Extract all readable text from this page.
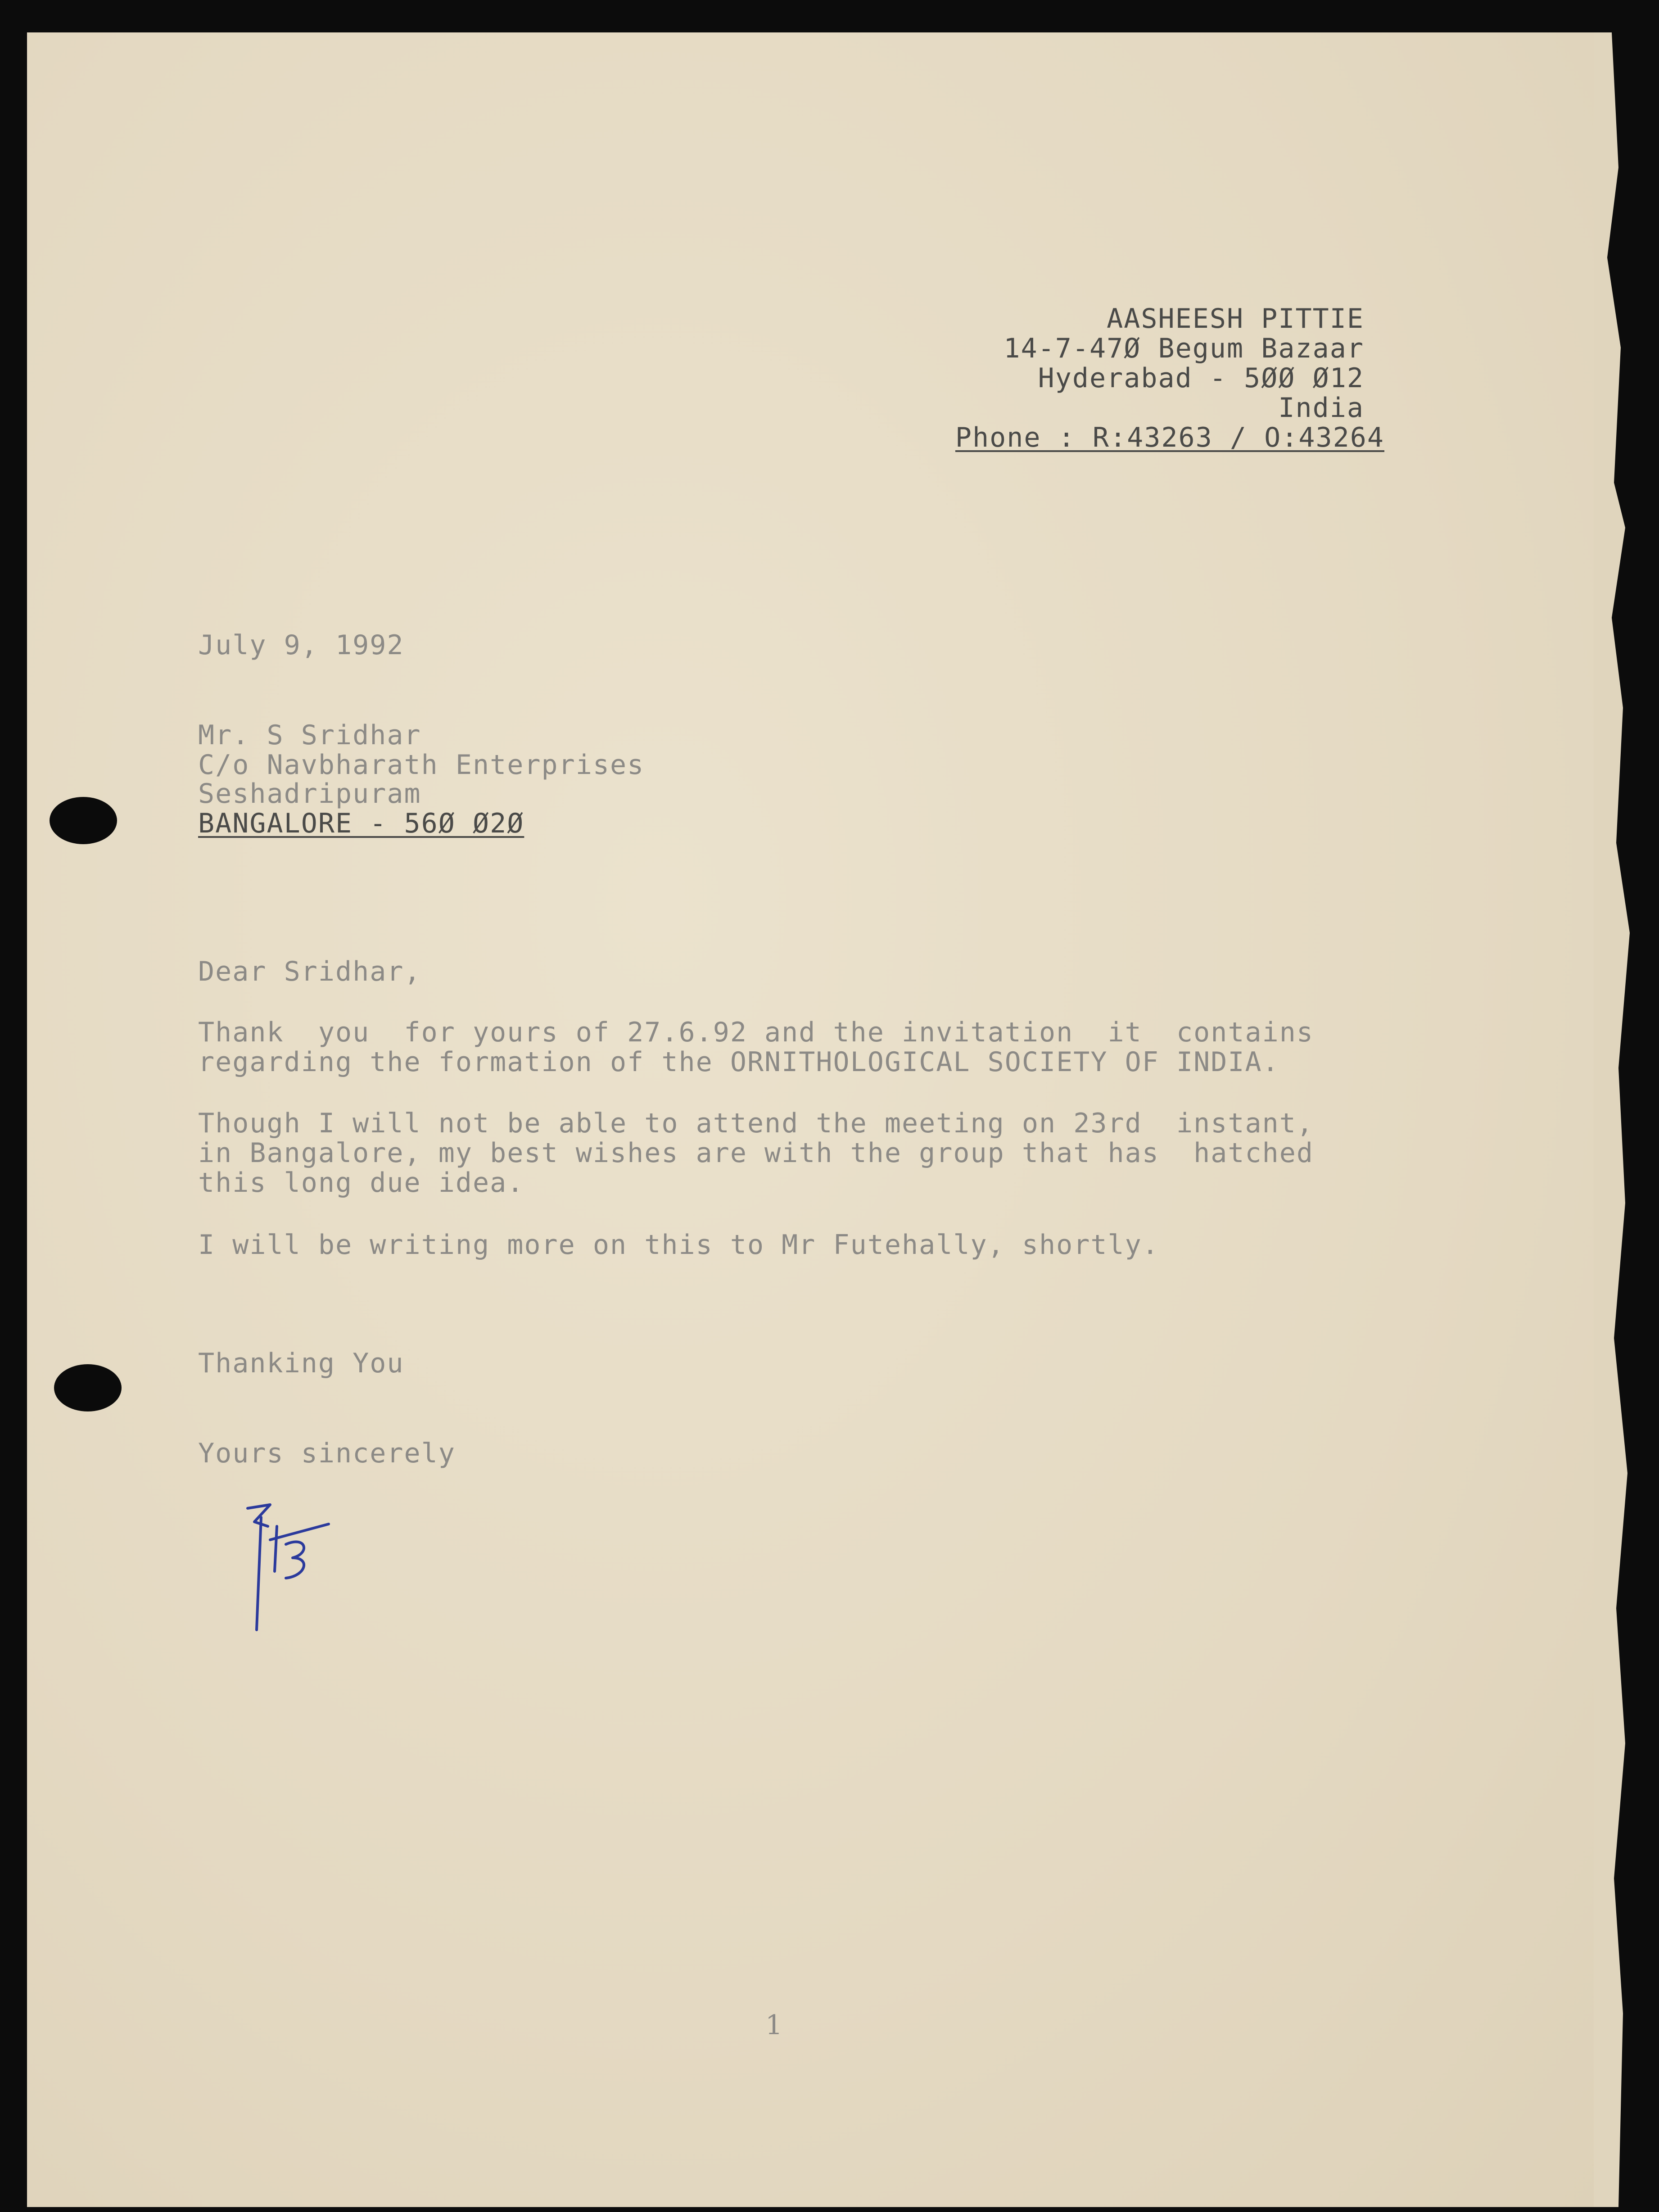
AASHEESH PITTIE
14-7-47Ø Begum Bazaar
Hyderabad - 5ØØ Ø12
India
Phone : R:43263 / O:43264
July 9, 1992
Mr. S Sridhar
C/o Navbharath Enterprises
Seshadripuram
BANGALORE - 56Ø Ø2Ø
Dear Sridhar,
Thank  you  for yours of 27.6.92 and the invitation  it  contains
regarding the formation of the ORNITHOLOGICAL SOCIETY OF INDIA.
Though I will not be able to attend the meeting on 23rd  instant,
in Bangalore, my best wishes are with the group that has  hatched
this long due idea.
I will be writing more on this to Mr Futehally, shortly.
Thanking You
Yours sincerely
1
